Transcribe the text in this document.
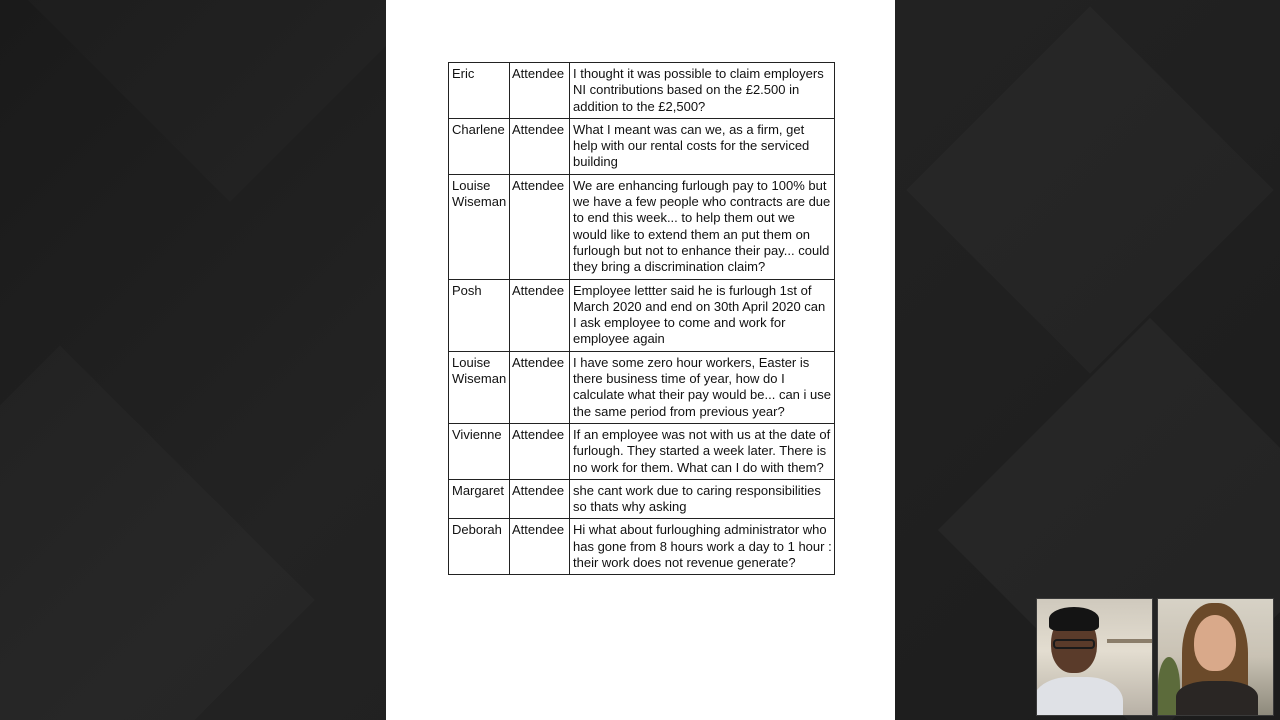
Eric	Attendee	I thought it was possible to claim employers NI contributions based on the £2.500 in addition to the £2,500?
Charlene	Attendee	What I meant was can we, as a firm, get help with our rental costs for the serviced building
Louise Wiseman	Attendee	We are enhancing furlough pay to 100% but we have a few people who contracts are due to end this week... to help them out we would like to extend them an put them on furlough but not to enhance their pay... could they bring a discrimination claim?
Posh	Attendee	Employee lettter said he is furlough 1st of March 2020 and end on 30th April 2020 can I ask employee to come and work for employee again
Louise Wiseman	Attendee	I have some zero hour workers, Easter is there business time of year, how do I calculate what their pay would be... can i use the same period from previous year?
Vivienne	Attendee	If an employee was not with us at the date of furlough. They started a week later. There is no work for them. What can I do with them?
Margaret	Attendee	she cant work due to caring responsibilities so thats why asking
Deborah	Attendee	Hi what about furloughing administrator who has gone from 8 hours work a day to 1 hour : their work does not revenue generate?
